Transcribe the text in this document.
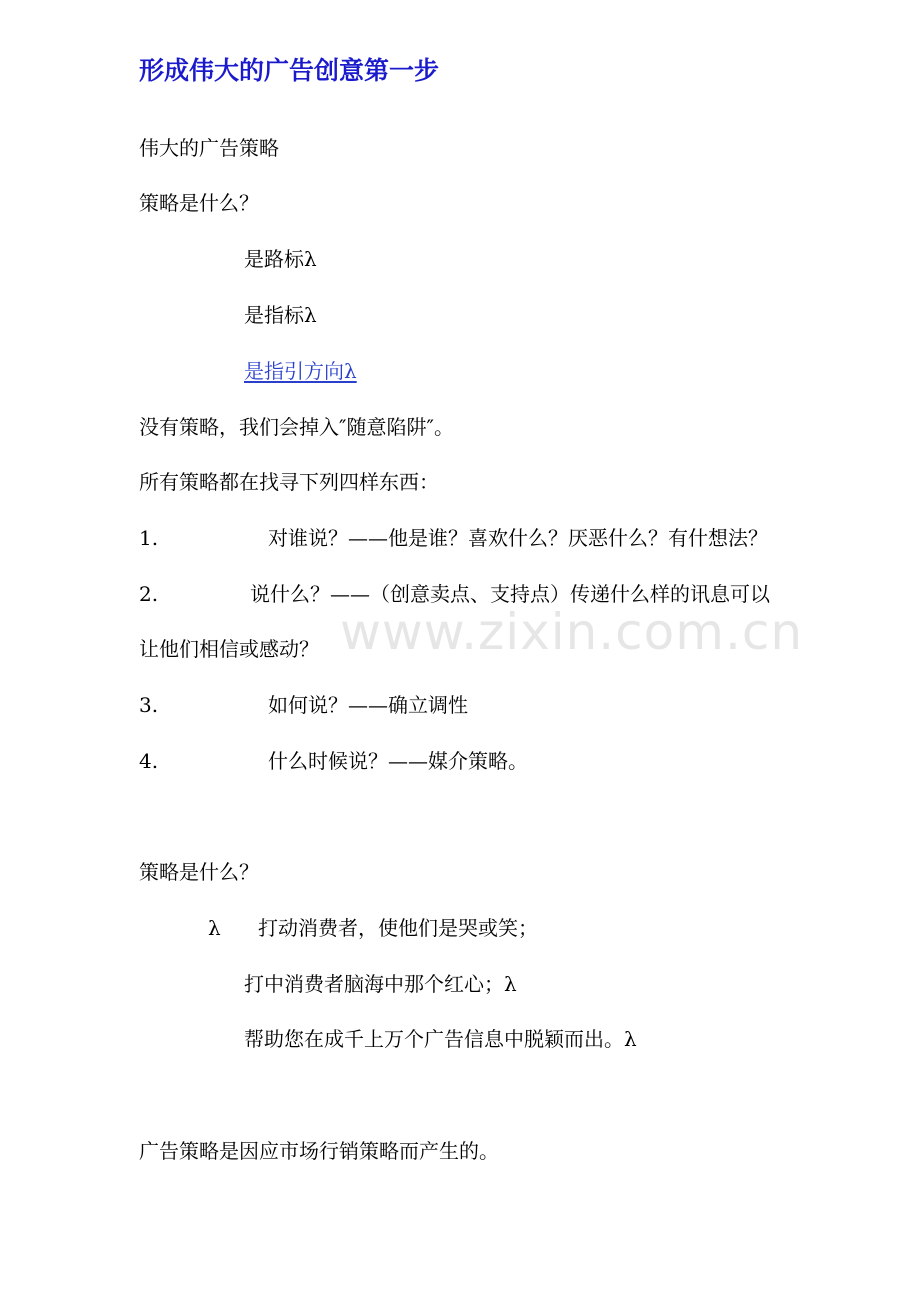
形成伟大的广告创意第一步
伟大的广告策略
策略是什么？
是路标λ
是指标λ
是指引方向λ
没有策略，我们会掉入″随意陷阱″。
所有策略都在找寻下列四样东西：
1.	对谁说？——他是谁？喜欢什么？厌恶什么？有什想法？
2.	说什么？——（创意卖点、支持点）传递什么样的讯息可以
让他们相信或感动？
3.	如何说？——确立调性
4.	什么时候说？——媒介策略。
策略是什么？
λ 打动消费者，使他们是哭或笑；
打中消费者脑海中那个红心；λ
帮助您在成千上万个广告信息中脱颖而出。λ
广告策略是因应市场行销策略而产生的。
www.zixin.com.cn
